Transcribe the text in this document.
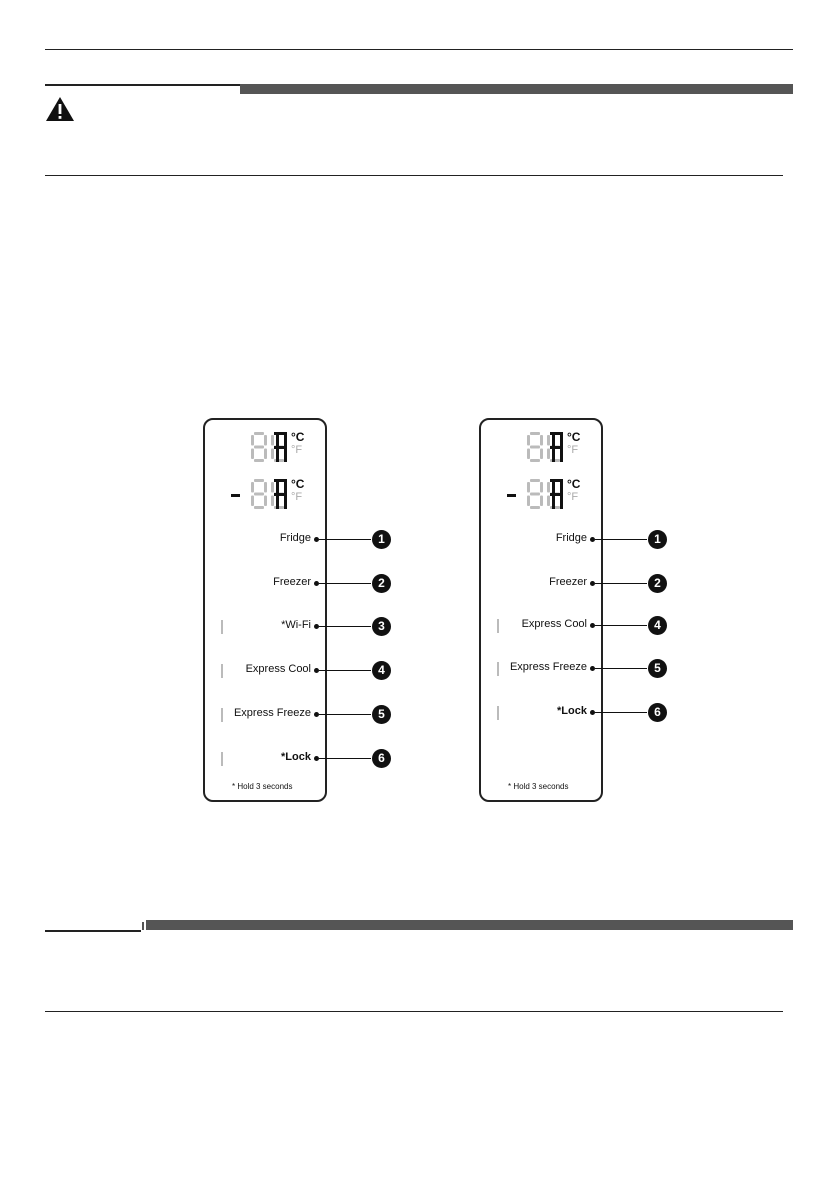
°C
°F
°C
°F
Fridge	1
Freezer	2
*Wi-Fi	3
Express Cool	4
Express Freeze	5
*Lock	6
* Hold 3 seconds
°C
°F
°C
°F
Fridge	1
Freezer	2
Express Cool	4
Express Freeze	5
*Lock	6
* Hold 3 seconds
